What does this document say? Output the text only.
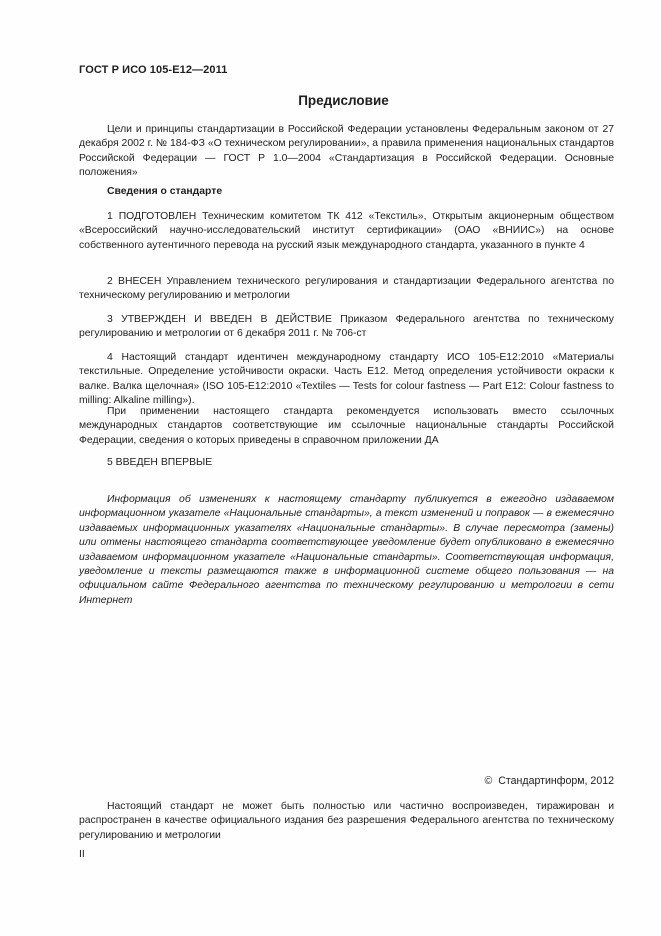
ГОСТ Р ИСО 105-Е12—2011
Предисловие

Цели и принципы стандартизации в Российской Федерации установлены Федеральным законом от 27 декабря 2002 г. № 184-ФЗ «О техническом регулировании», а правила применения национальных стандартов Российской Федерации — ГОСТ Р 1.0—2004 «Стандартизация в Российской Федерации. Основные положения»

Сведения о стандарте

1 ПОДГОТОВЛЕН Техническим комитетом ТК 412 «Текстиль», Открытым акционерным обществом «Всероссийский научно-исследовательский институт сертификации» (ОАО «ВНИИС») на основе собственного аутентичного перевода на русский язык международного стандарта, указанного в пункте 4

2 ВНЕСЕН Управлением технического регулирования и стандартизации Федерального агентства по техническому регулированию и метрологии

3 УТВЕРЖДЕН И ВВЕДЕН В ДЕЙСТВИЕ Приказом Федерального агентства по техническому регулированию и метрологии от 6 декабря 2011 г. № 706-ст

4 Настоящий стандарт идентичен международному стандарту ИСО 105-Е12:2010 «Материалы текстильные. Определение устойчивости окраски. Часть Е12. Метод определения устойчивости окраски к валке. Валка щелочная» (ISO 105-E12:2010 «Textiles — Tests for colour fastness — Part E12: Colour fastness to milling: Alkaline milling»).

При применении настоящего стандарта рекомендуется использовать вместо ссылочных международных стандартов соответствующие им ссылочные национальные стандарты Российской Федерации, сведения о которых приведены в справочном приложении ДА

5 ВВЕДЕН ВПЕРВЫЕ

Информация об изменениях к настоящему стандарту публикуется в ежегодно издаваемом информационном указателе «Национальные стандарты», а текст изменений и поправок — в ежемесячно издаваемых информационных указателях «Национальные стандарты». В случае пересмотра (замены) или отмены настоящего стандарта соответствующее уведомление будет опубликовано в ежемесячно издаваемом информационном указателе «Национальные стандарты». Соответствующая информация, уведомление и тексты размещаются также в информационной системе общего пользования — на официальном сайте Федерального агентства по техническому регулированию и метрологии в сети Интернет

© Стандартинформ, 2012

Настоящий стандарт не может быть полностью или частично воспроизведен, тиражирован и распространен в качестве официального издания без разрешения Федерального агентства по техническому регулированию и метрологии

II
